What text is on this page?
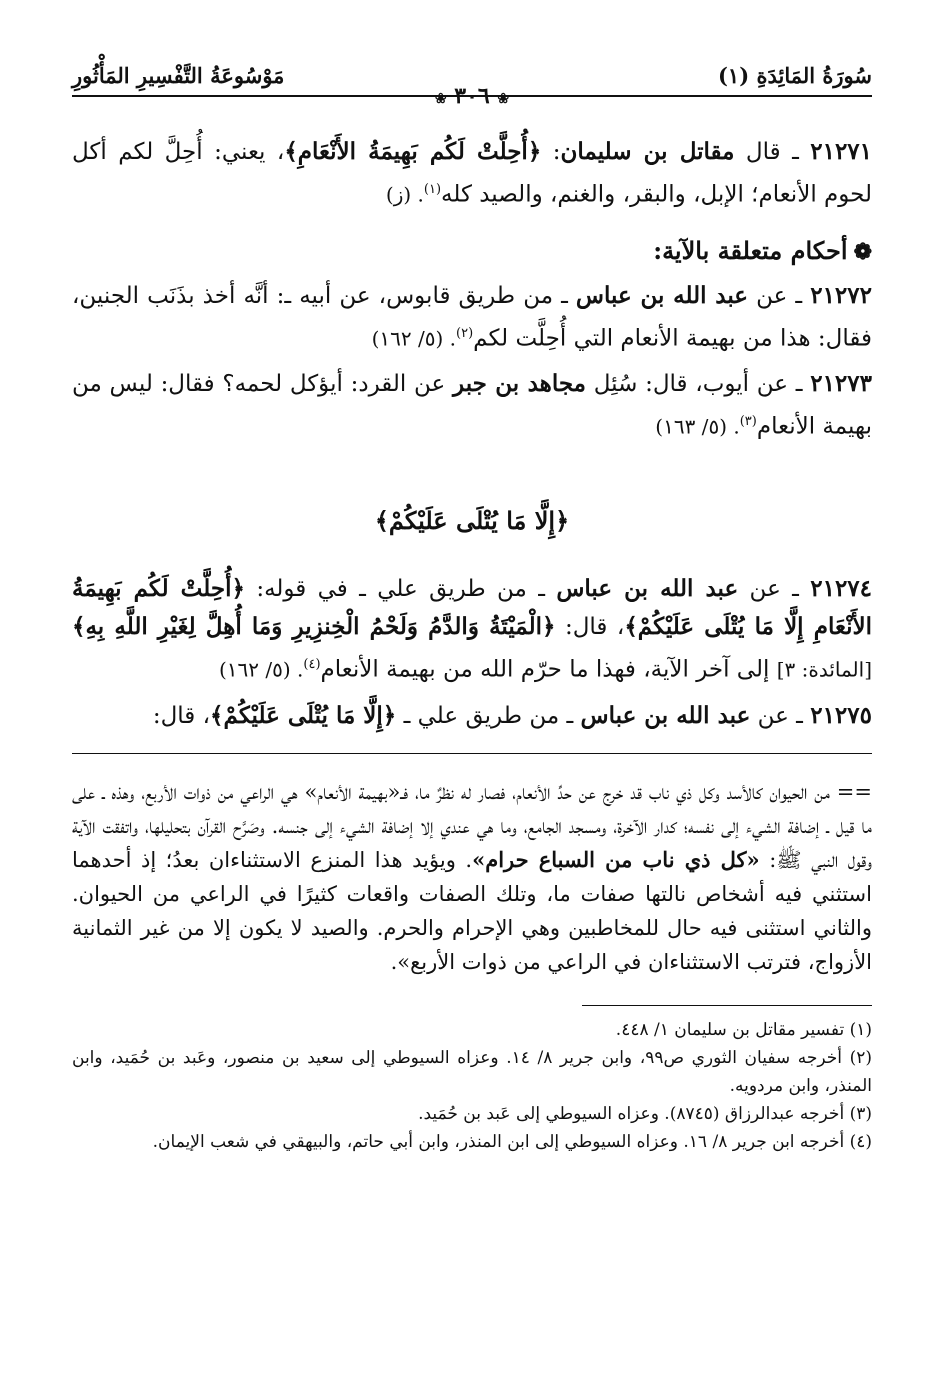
سُورَةُ المَائِدَةِ (١)
❀ ٣٠٦ ❀
مَوْسُوعَةُ التَّفْسِيرِ المَأْثُورِ

٢١٢٧١ ـ قال مقاتل بن سليمان: ﴿أُحِلَّتْ لَكُم بَهِيمَةُ الأَنْعَامِ﴾، يعني: أُحِلَّ لكم أكل لحوم الأنعام؛ الإبل، والبقر، والغنم، والصيد كله$^{(١)}$. (ز)

❁أحكام متعلقة بالآية:

٢١٢٧٢ ـ عن عبد الله بن عباس ـ من طريق قابوس، عن أبيه ـ: أنَّه أخذ بذَنَب الجنين، فقال: هذا من بهيمة الأنعام التي أُحِلَّت لكم$^{(٢)}$. (٥/ ١٦٢)

٢١٢٧٣ ـ عن أيوب، قال: سُئِل مجاهد بن جبر عن القرد: أيؤكل لحمه؟ فقال: ليس من بهيمة الأنعام$^{(٣)}$. (٥/ ١٦٣)

﴿إِلَّا مَا يُتْلَى عَلَيْكُمْ﴾

٢١٢٧٤ ـ عن عبد الله بن عباس ـ من طريق علي ـ في قوله: ﴿أُحِلَّتْ لَكُم بَهِيمَةُ الأَنْعَامِ إِلَّا مَا يُتْلَى عَلَيْكُمْ﴾، قال: ﴿الْمَيْتَةُ وَالدَّمُ وَلَحْمُ الْخِنزِيرِ وَمَا أُهِلَّ لِغَيْرِ اللَّهِ بِهِ﴾ [المائدة: ٣] إلى آخر الآية، فهذا ما حرّم الله من بهيمة الأنعام$^{(٤)}$. (٥/ ١٦٢)

٢١٢٧٥ ـ عن عبد الله بن عباس ـ من طريق علي ـ ﴿إِلَّا مَا يُتْلَى عَلَيْكُمْ﴾، قال:

== من الحيوان كالأسد وكل ذي ناب قد خرج عن حدِّ الأنعام، فصار له نظرٌ ما، فـ«بهيمة الأنعام» هي الراعي من ذوات الأربع، وهذه ـ على ما قيل ـ إضافة الشيء إلى نفسه؛ كدار الآخرة، ومسجد الجامع، وما هي عندي إلا إضافة الشيء إلى جنسه. وصَرَّح القرآن بتحليلها، واتفقت الآية وقول النبي ﷺ: «كل ذي ناب من السباع حرام». ويؤيد هذا المنزع الاستثناءان بعدُ؛ إذ أحدهما استثني فيه أشخاص نالتها صفات ما، وتلك الصفات واقعات كثيرًا في الراعي من الحيوان. والثاني استثنى فيه حال للمخاطبين وهي الإحرام والحرم. والصيد لا يكون إلا من غير الثمانية الأزواج، فترتب الاستثناءان في الراعي من ذوات الأربع».

(١) تفسير مقاتل بن سليمان ١/ ٤٤٨.

(٢) أخرجه سفيان الثوري ص٩٩، وابن جرير ٨/ ١٤. وعزاه السيوطي إلى سعيد بن منصور، وعَبد بن حُمَيد، وابن المنذر، وابن مردويه.

(٣) أخرجه عبدالرزاق (٨٧٤٥). وعزاه السيوطي إلى عَبد بن حُمَيد.

(٤) أخرجه ابن جرير ٨/ ١٦. وعزاه السيوطي إلى ابن المنذر، وابن أبي حاتم، والبيهقي في شعب الإيمان.
